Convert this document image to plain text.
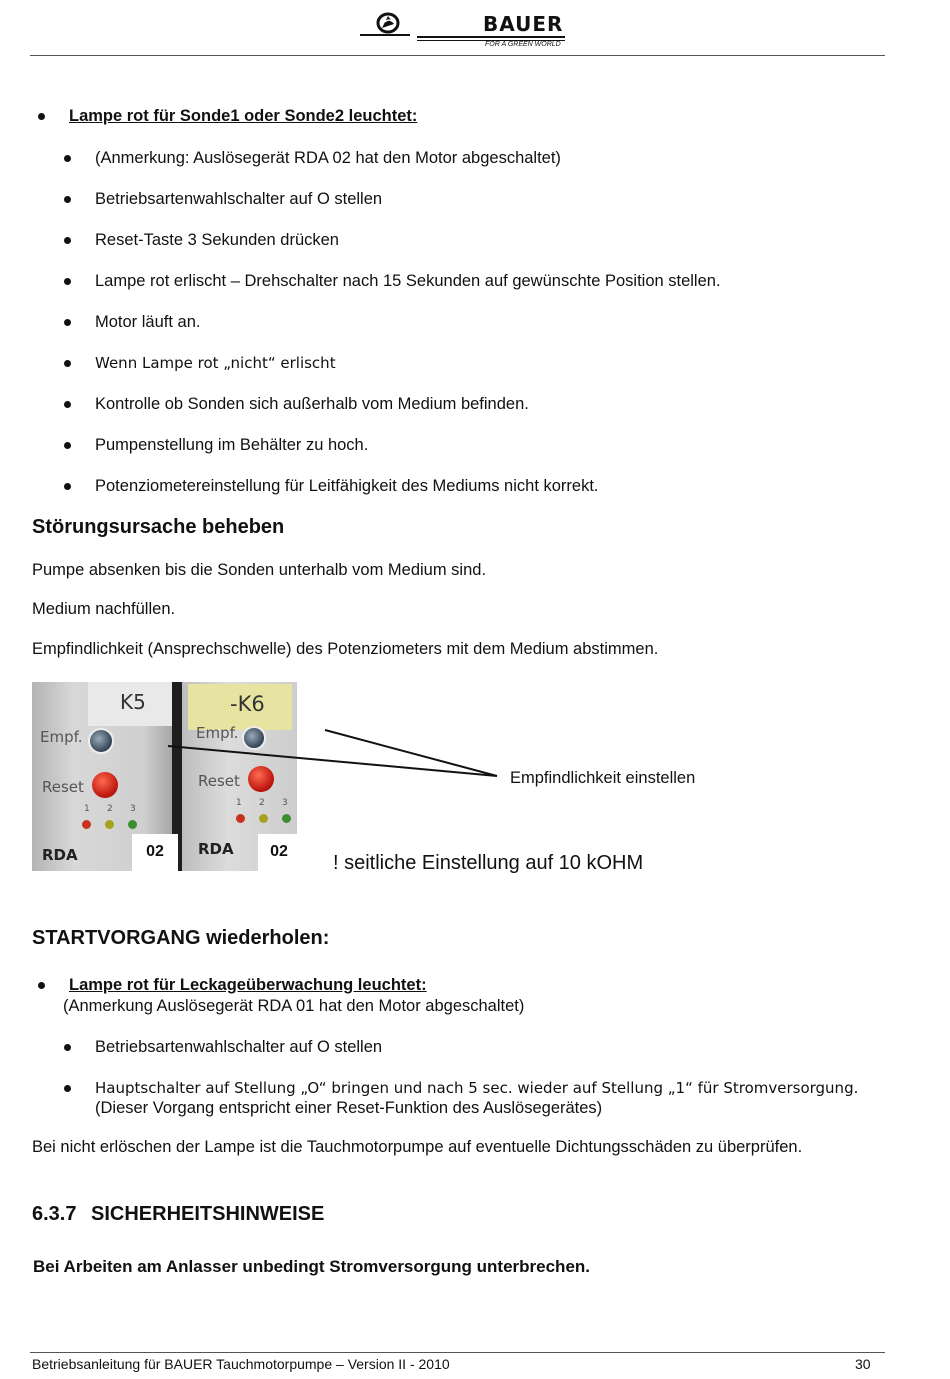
BAUER
FOR A GREEN WORLD
Lampe rot für Sonde1 oder Sonde2 leuchtet:
(Anmerkung: Auslösegerät RDA 02 hat den Motor abgeschaltet)
Betriebsartenwahlschalter auf O stellen
Reset-Taste 3 Sekunden drücken
Lampe rot erlischt – Drehschalter nach 15 Sekunden auf gewünschte Position stellen.
Motor läuft an.
Wenn Lampe rot „nicht“ erlischt
Kontrolle ob Sonden sich außerhalb vom Medium befinden.
Pumpenstellung im Behälter zu hoch.
Potenziometereinstellung für Leitfähigkeit des Mediums nicht korrekt.
Störungsursache beheben
Pumpe absenken bis die Sonden unterhalb vom Medium sind.
Medium nachfüllen.
Empfindlichkeit (Ansprechschwelle) des Potenziometers mit dem Medium abstimmen.
K5	-K6
Empf.	Empf.
Reset	Reset
1 2 3
1 2 3
RDA	RDA
02	02
Empfindlichkeit einstellen
! seitliche Einstellung auf 10 kOHM
STARTVORGANG wiederholen:
Lampe rot für Leckageüberwachung leuchtet:
(Anmerkung Auslösegerät RDA 01 hat den Motor abgeschaltet)
Betriebsartenwahlschalter auf O stellen
Hauptschalter auf Stellung „O“ bringen und nach 5 sec. wieder auf Stellung „1“ für Stromversorgung.
(Dieser Vorgang entspricht einer Reset-Funktion des Auslösegerätes)
Bei nicht erlöschen der Lampe ist die Tauchmotorpumpe auf eventuelle Dichtungsschäden zu überprüfen.
6.3.7 SICHERHEITSHINWEISE
Bei Arbeiten am Anlasser unbedingt Stromversorgung unterbrechen.
Betriebsanleitung für BAUER Tauchmotorpumpe – Version II - 2010	30
